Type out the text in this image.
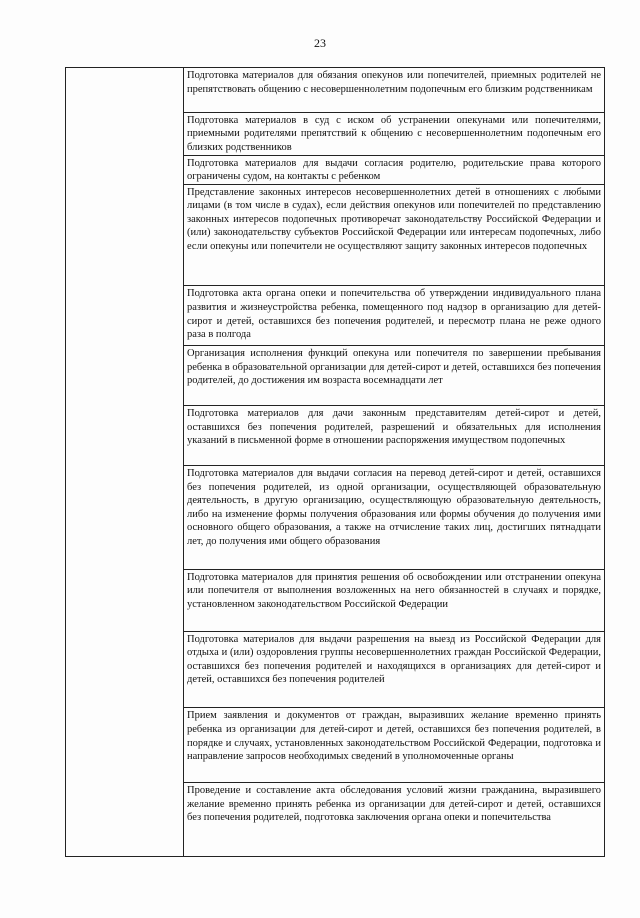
23
Подготовка материалов для обязания опекунов или попечителей, приемных родителей не препятствовать общению с несовершеннолетним подопечным его близким родственникам
Подготовка материалов в суд с иском об устранении опекунами или попечителями, приемными родителями препятствий к общению с несовершеннолетним подопечным его близких родственников
Подготовка материалов для выдачи согласия родителю, родительские права которого ограничены судом, на контакты с ребенком
Представление законных интересов несовершеннолетних детей в отношениях с любыми лицами (в том числе в судах), если действия опекунов или попечителей по представлению законных интересов подопечных противоречат законодательству Российской Федерации и (или) законодательству субъектов Российской Федерации или интересам подопечных, либо если опекуны или попечители не осуществляют защиту законных интересов подопечных
Подготовка акта органа опеки и попечительства об утверждении индивидуального плана развития и жизнеустройства ребенка, помещенного под надзор в организацию для детей-сирот и детей, оставшихся без попечения родителей, и пересмотр плана не реже одного раза в полгода
Организация исполнения функций опекуна или попечителя по завершении пребывания ребенка в образовательной организации для детей-сирот и детей, оставшихся без попечения родителей, до достижения им возраста восемнадцати лет
Подготовка материалов для дачи законным представителям детей-сирот и детей, оставшихся без попечения родителей, разрешений и обязательных для исполнения указаний в письменной форме в отношении распоряжения имуществом подопечных
Подготовка материалов для выдачи согласия на перевод детей-сирот и детей, оставшихся без попечения родителей, из одной организации, осуществляющей образовательную деятельность, в другую организацию, осуществляющую образовательную деятельность, либо на изменение формы получения образования или формы обучения до получения ими основного общего образования, а также на отчисление таких лиц, достигших пятнадцати лет, до получения ими общего образования
Подготовка материалов для принятия решения об освобождении или отстранении опекуна или попечителя от выполнения возложенных на него обязанностей в случаях и порядке, установленном законодательством Российской Федерации
Подготовка материалов для выдачи разрешения на выезд из Российской Федерации для отдыха и (или) оздоровления группы несовершеннолетних граждан Российской Федерации, оставшихся без попечения родителей и находящихся в организациях для детей-сирот и детей, оставшихся без попечения родителей
Прием заявления и документов от граждан, выразивших желание временно принять ребенка из организации для детей-сирот и детей, оставшихся без попечения родителей, в порядке и случаях, установленных законодательством Российской Федерации, подготовка и направление запросов необходимых сведений в уполномоченные органы
Проведение и составление акта обследования условий жизни гражданина, выразившего желание временно принять ребенка из организации для детей-сирот и детей, оставшихся без попечения родителей, подготовка заключения органа опеки и попечительства
